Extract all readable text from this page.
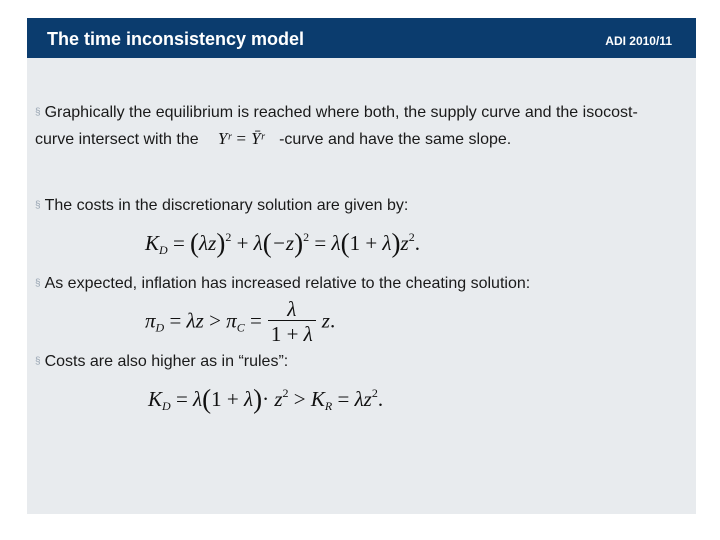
The time inconsistency model	ADI 2010/11
§ Graphically the equilibrium is reached where both, the supply curve and the isocost-curve intersect with the Yʳ = Ȳʳ -curve and have the same slope.
§ The costs in the discretionary solution are given by:
$K_D = (\lambda z)^2 + \lambda(-z)^2 = \lambda(1 + \lambda)z^2$.
§ As expected, inflation has increased relative to the cheating solution:
$\pi_D = \lambda z > \pi_C = \frac{\lambda}{1 + \lambda} z$.
§ Costs are also higher as in “rules”:
$K_D = \lambda(1 + \lambda)\cdot z^2 > K_R = \lambda z^2$.
